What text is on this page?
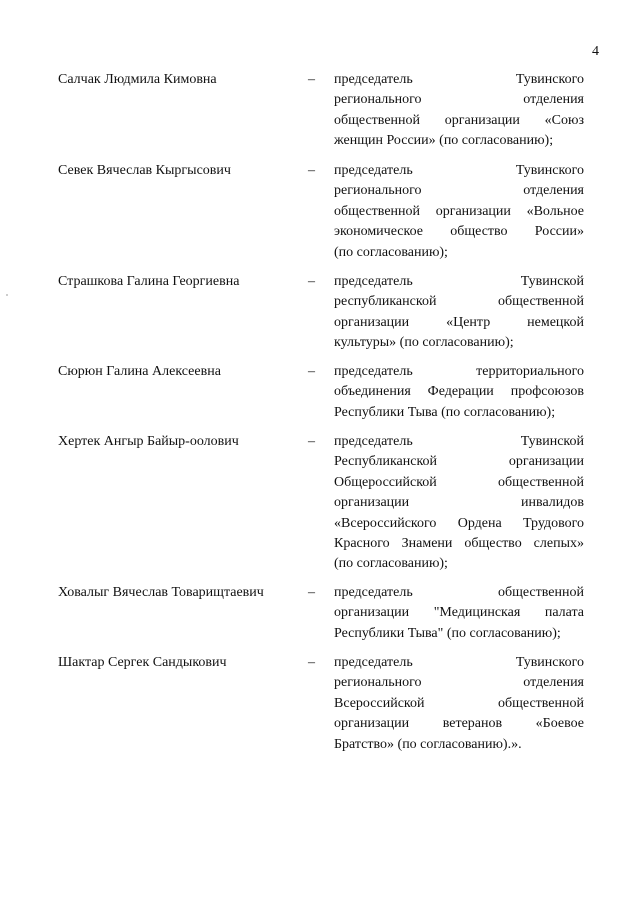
4
Салчак Людмила Кимовна	– председатель Тувинского
регионального отделения
общественной организации «Союз
женщин России» (по согласованию);
Севек Вячеслав Кыргысович	– председатель Тувинского
регионального отделения
общественной организации «Вольное
экономическое общество России»
(по согласованию);
Страшкова Галина Георгиевна	– председатель Тувинской
республиканской общественной
организации «Центр немецкой
культуры» (по согласованию);
Сюрюн Галина Алексеевна	– председатель территориального
объединения Федерации профсоюзов
Республики Тыва (по согласованию);
Хертек Ангыр Байыр-оолович	– председатель Тувинской
Республиканской организации
Общероссийской общественной
организации инвалидов
«Всероссийского Ордена Трудового
Красного Знамени общество слепых»
(по согласованию);
Ховалыг Вячеслав Товарищтаевич	– председатель общественной
организации "Медицинская палата
Республики Тыва" (по согласованию);
Шактар Сергек Сандыкович	– председатель Тувинского
регионального отделения
Всероссийской общественной
организации ветеранов «Боевое
Братство» (по согласованию).».
